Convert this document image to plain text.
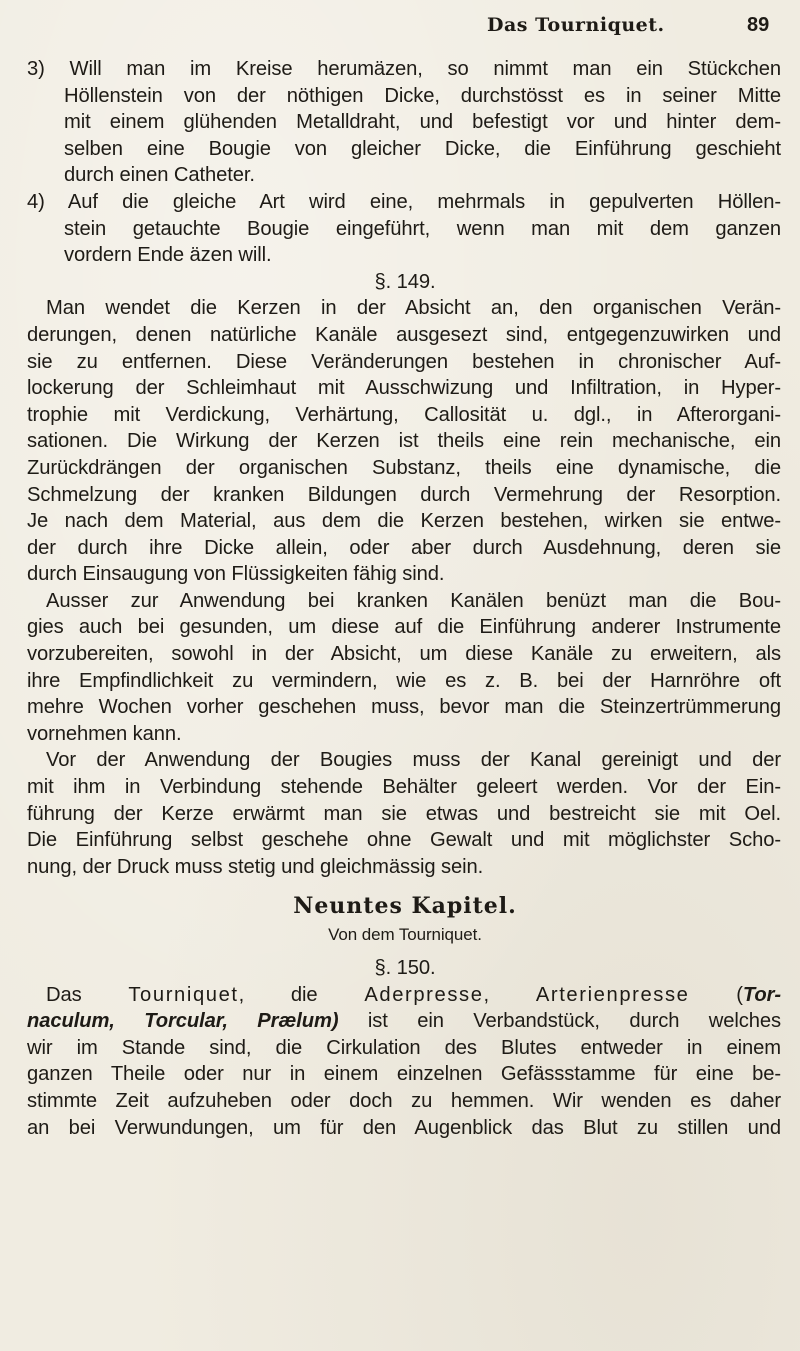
Das Tourniquet.	89
3) Will man im Kreise herumäzen, so nimmt man ein Stückchen
Höllenstein von der nöthigen Dicke, durchstösst es in seiner Mitte
mit einem glühenden Metalldraht, und befestigt vor und hinter dem-
selben eine Bougie von gleicher Dicke, die Einführung geschieht
durch einen Catheter.
4) Auf die gleiche Art wird eine, mehrmals in gepulverten Höllen-
stein getauchte Bougie eingeführt, wenn man mit dem ganzen
vordern Ende äzen will.
§. 149.
Man wendet die Kerzen in der Absicht an, den organischen Verän-
derungen, denen natürliche Kanäle ausgesezt sind, entgegenzuwirken und
sie zu entfernen. Diese Veränderungen bestehen in chronischer Auf-
lockerung der Schleimhaut mit Ausschwizung und Infiltration, in Hyper-
trophie mit Verdickung, Verhärtung, Callosität u. dgl., in Afterorgani-
sationen. Die Wirkung der Kerzen ist theils eine rein mechanische, ein
Zurückdrängen der organischen Substanz, theils eine dynamische, die
Schmelzung der kranken Bildungen durch Vermehrung der Resorption.
Je nach dem Material, aus dem die Kerzen bestehen, wirken sie entwe-
der durch ihre Dicke allein, oder aber durch Ausdehnung, deren sie
durch Einsaugung von Flüssigkeiten fähig sind.
Ausser zur Anwendung bei kranken Kanälen benüzt man die Bou-
gies auch bei gesunden, um diese auf die Einführung anderer Instrumente
vorzubereiten, sowohl in der Absicht, um diese Kanäle zu erweitern, als
ihre Empfindlichkeit zu vermindern, wie es z. B. bei der Harnröhre oft
mehre Wochen vorher geschehen muss, bevor man die Steinzertrümmerung
vornehmen kann.
Vor der Anwendung der Bougies muss der Kanal gereinigt und der
mit ihm in Verbindung stehende Behälter geleert werden. Vor der Ein-
führung der Kerze erwärmt man sie etwas und bestreicht sie mit Oel.
Die Einführung selbst geschehe ohne Gewalt und mit möglichster Scho-
nung, der Druck muss stetig und gleichmässig sein.
Neuntes Kapitel.
Von dem Tourniquet.
§. 150.
Das Tourniquet, die Aderpresse, Arterienpresse (Tor-
naculum, Torcular, Prælum) ist ein Verbandstück, durch welches
wir im Stande sind, die Cirkulation des Blutes entweder in einem
ganzen Theile oder nur in einem einzelnen Gefässstamme für eine be-
stimmte Zeit aufzuheben oder doch zu hemmen. Wir wenden es daher
an bei Verwundungen, um für den Augenblick das Blut zu stillen und
